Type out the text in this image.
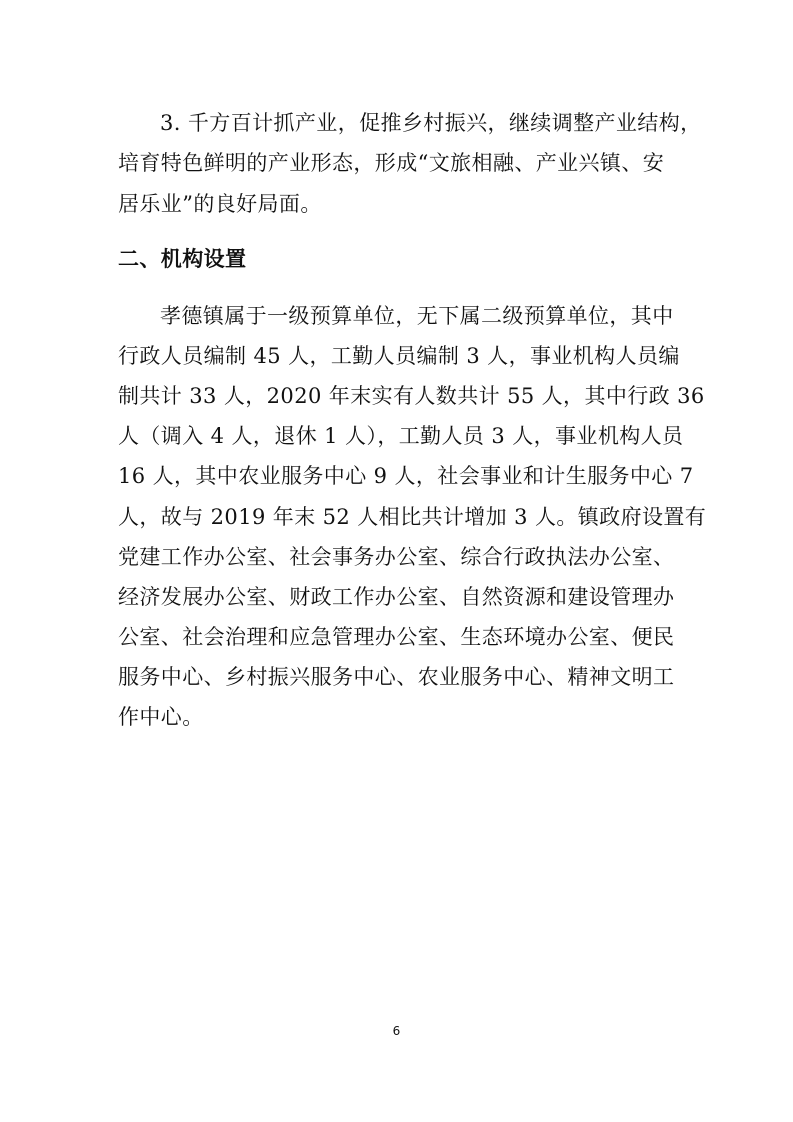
3. 千方百计抓产业，促推乡村振兴，继续调整产业结构，
培育特色鲜明的产业形态，形成“文旅相融、产业兴镇、安
居乐业”的良好局面。
二、机构设置
孝德镇属于一级预算单位，无下属二级预算单位，其中
行政人员编制 45 人，工勤人员编制 3 人，事业机构人员编
制共计 33 人，2020 年末实有人数共计 55 人，其中行政 36
人（调入 4 人，退休 1 人），工勤人员 3 人，事业机构人员
16 人，其中农业服务中心 9 人，社会事业和计生服务中心 7
人，故与 2019 年末 52 人相比共计增加 3 人。镇政府设置有
党建工作办公室、社会事务办公室、综合行政执法办公室、
经济发展办公室、财政工作办公室、自然资源和建设管理办
公室、社会治理和应急管理办公室、生态环境办公室、便民
服务中心、乡村振兴服务中心、农业服务中心、精神文明工
作中心。
6
